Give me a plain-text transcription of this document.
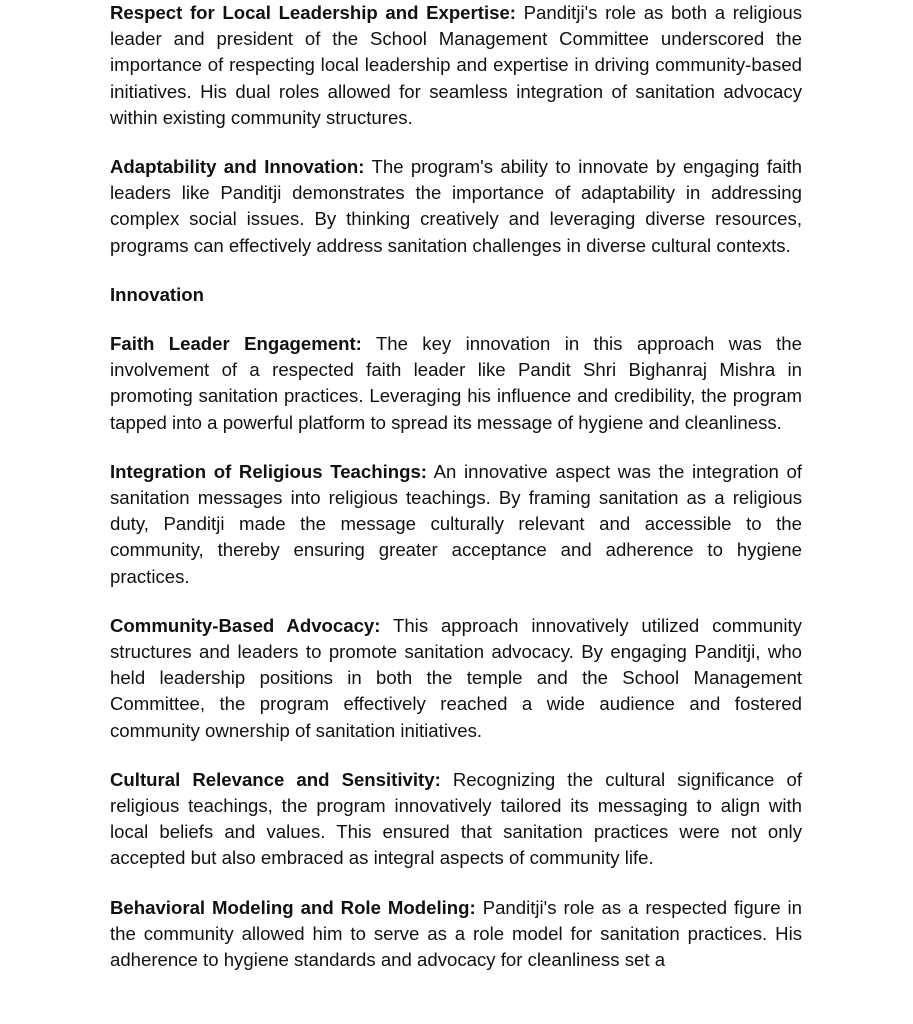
Respect for Local Leadership and Expertise: Panditji's role as both a religious leader and president of the School Management Committee underscored the importance of respecting local leadership and expertise in driving community-based initiatives. His dual roles allowed for seamless integration of sanitation advocacy within existing community structures.

Adaptability and Innovation: The program's ability to innovate by engaging faith leaders like Panditji demonstrates the importance of adaptability in addressing complex social issues. By thinking creatively and leveraging diverse resources, programs can effectively address sanitation challenges in diverse cultural contexts.

Innovation

Faith Leader Engagement: The key innovation in this approach was the involvement of a respected faith leader like Pandit Shri Bighanraj Mishra in promoting sanitation practices. Leveraging his influence and credibility, the program tapped into a powerful platform to spread its message of hygiene and cleanliness.

Integration of Religious Teachings: An innovative aspect was the integration of sanitation messages into religious teachings. By framing sanitation as a religious duty, Panditji made the message culturally relevant and accessible to the community, thereby ensuring greater acceptance and adherence to hygiene practices.

Community-Based Advocacy: This approach innovatively utilized community structures and leaders to promote sanitation advocacy. By engaging Panditji, who held leadership positions in both the temple and the School Management Committee, the program effectively reached a wide audience and fostered community ownership of sanitation initiatives.

Cultural Relevance and Sensitivity: Recognizing the cultural significance of religious teachings, the program innovatively tailored its messaging to align with local beliefs and values. This ensured that sanitation practices were not only accepted but also embraced as integral aspects of community life.

Behavioral Modeling and Role Modeling: Panditji's role as a respected figure in the community allowed him to serve as a role model for sanitation practices. His adherence to hygiene standards and advocacy for cleanliness set a
